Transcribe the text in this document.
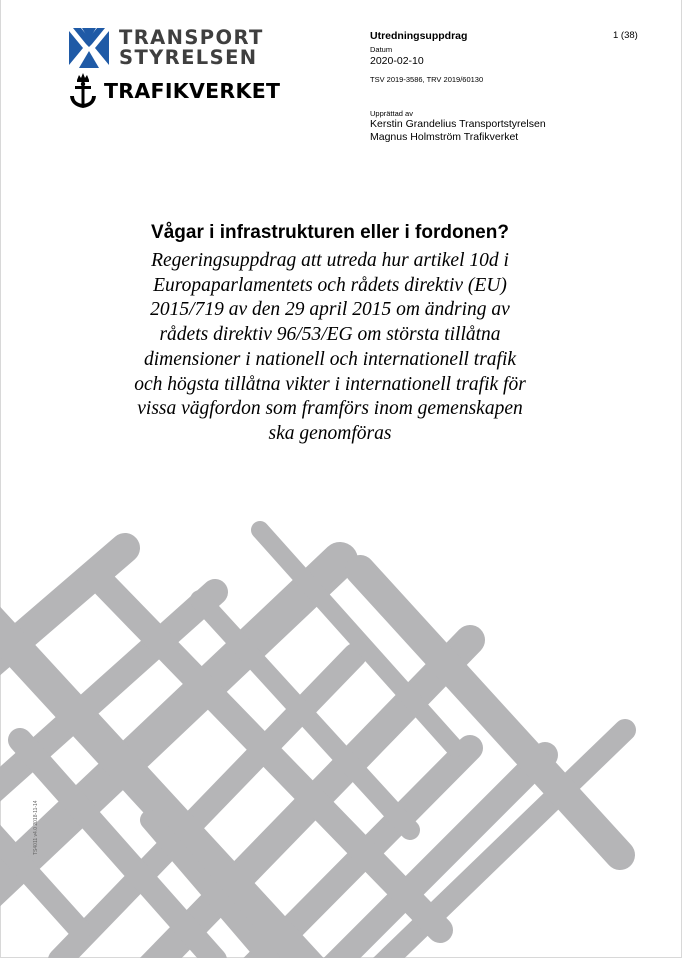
TRANSPORT
STYRELSEN
TRAFIKVERKET
Utredningsuppdrag	1 (38)
Datum
2020-02-10
TSV 2019-3586, TRV 2019/60130
Upprättad av
Kerstin Grandelius Transportstyrelsen
Magnus Holmström Trafikverket
Vågar i infrastrukturen eller i fordonen?

Regeringsuppdrag att utreda hur artikel 10d i
Europaparlamentets och rådets direktiv (EU)
2015/719 av den 29 april 2015 om ändring av
rådets direktiv 96/53/EG om största tillåtna
dimensioner i nationell och internationell trafik
och högsta tillåtna vikter i internationell trafik för
vissa vägfordon som framförs inom gemenskapen
ska genomföras

TS4011 v4.0 2018-11-14
